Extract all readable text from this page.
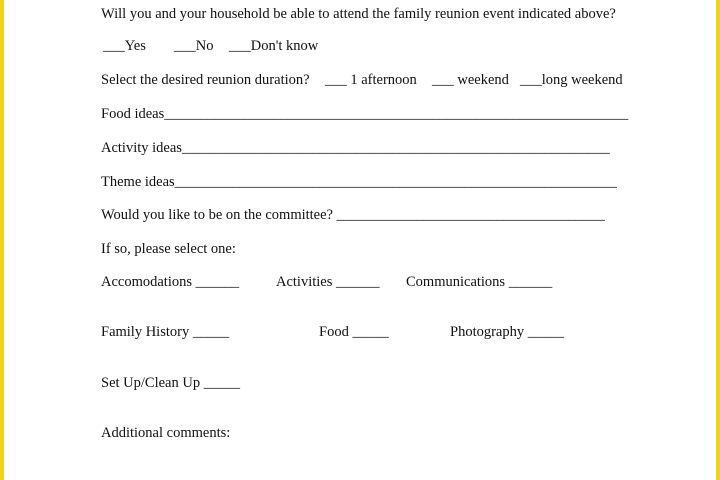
Will you and your household be able to attend the family reunion event indicated above?
___Yes ___No ___Don't know
Select the desired reunion duration? ___ 1 afternoon ___ weekend ___long weekend
Food ideas________________________________________________________________
Activity ideas___________________________________________________________
Theme ideas_____________________________________________________________
Would you like to be on the committee? _____________________________________
If so, please select one:
Accomodations ______	Activities ______ Communications ______
Family History _____	Food _____	Photography _____
Set Up/Clean Up _____
Additional comments:
